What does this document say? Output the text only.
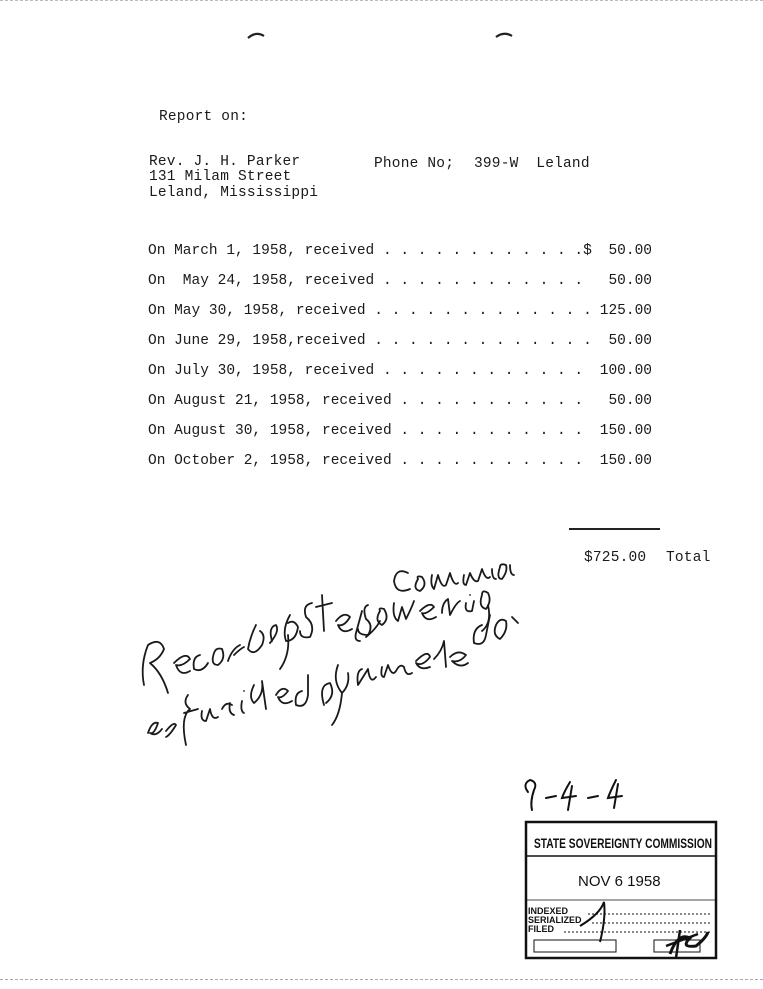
Report on:
Rev. J. H. Parker
131 Milam Street
Leland, Mississippi
Phone No; 399-W  Leland
On March 1, 1958, received . . . . . . . . . . . .$ 50.00
On  May 24, 1958, received . . . . . . . . . . . . 50.00
On May 30, 1958, received . . . . . . . . . . . . . 125.00
On June 29, 1958,received . . . . . . . . . . . . . 50.00
On July 30, 1958, received . . . . . . . . . . . . 100.00
On August 21, 1958, received . . . . . . . . . . . 50.00
On August 30, 1958, received . . . . . . . . . . . 150.00
On October 2, 1958, received . . . . . . . . . . . 150.00
$725.00 Total
STATE SOVEREIGNTY COMMISSION
NOV 6 1958
INDEXED
SERIALIZED
FILED
